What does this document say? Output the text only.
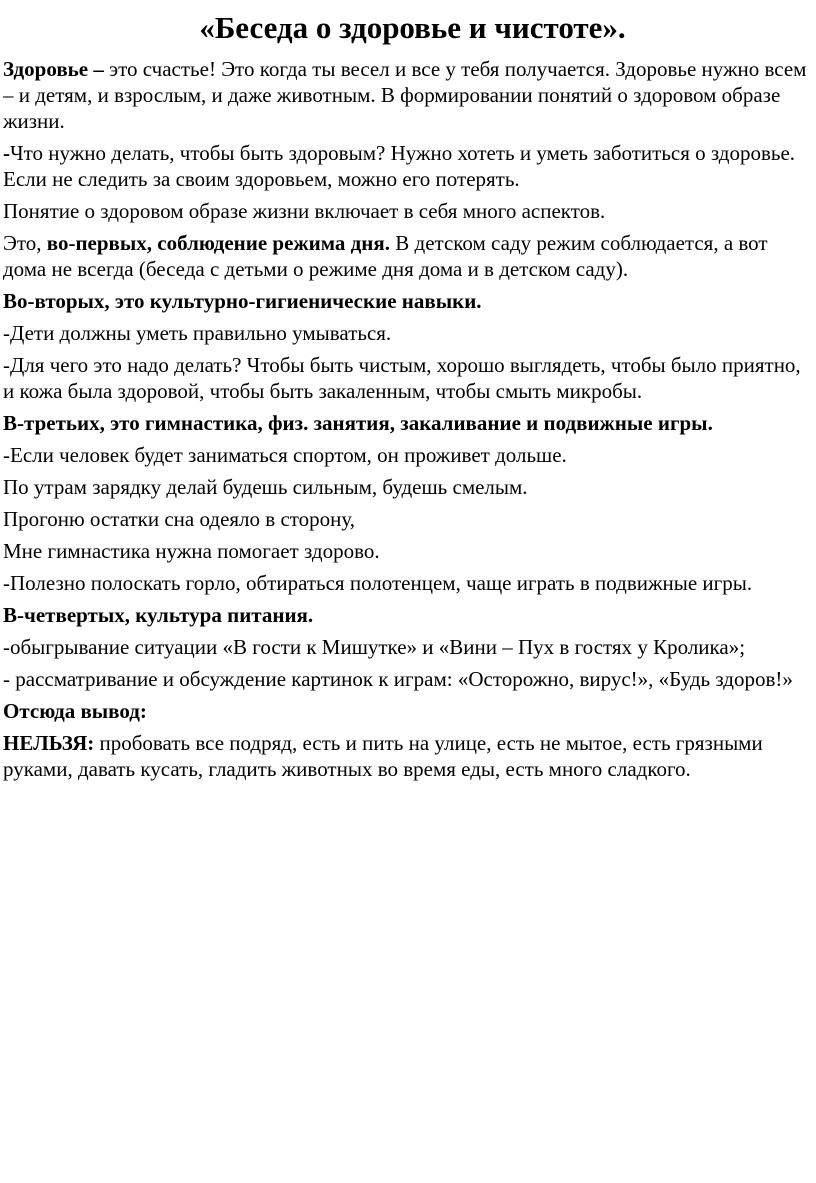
«Беседа о здоровье и чистоте».

Здоровье – это счастье! Это когда ты весел и все у тебя получается. Здоровье нужно всем – и детям, и взрослым, и даже животным. В формировании понятий о здоровом образе жизни.

-Что нужно делать, чтобы быть здоровым? Нужно хотеть и уметь заботиться о здоровье. Если не следить за своим здоровьем, можно его потерять.

Понятие о здоровом образе жизни включает в себя много аспектов.

Это, во-первых, соблюдение режима дня. В детском саду режим соблюдается, а вот дома не всегда (беседа с детьми о режиме дня дома и в детском саду).

Во-вторых, это культурно-гигиенические навыки.

-Дети должны уметь правильно умываться.

-Для чего это надо делать? Чтобы быть чистым, хорошо выглядеть, чтобы было приятно, и кожа была здоровой, чтобы быть закаленным, чтобы смыть микробы.

В-третьих, это гимнастика, физ. занятия, закаливание и подвижные игры.

-Если человек будет заниматься спортом, он проживет дольше.

По утрам зарядку делай будешь сильным, будешь смелым.

Прогоню остатки сна одеяло в сторону,

Мне гимнастика нужна помогает здорово.

-Полезно полоскать горло, обтираться полотенцем, чаще играть в подвижные игры.

В-четвертых, культура питания.

-обыгрывание ситуации «В гости к Мишутке» и «Вини – Пух в гостях у Кролика»;

- рассматривание и обсуждение картинок к играм: «Осторожно, вирус!», «Будь здоров!»

Отсюда вывод:

НЕЛЬЗЯ: пробовать все подряд, есть и пить на улице, есть не мытое, есть грязными руками, давать кусать, гладить животных во время еды, есть много сладкого.
